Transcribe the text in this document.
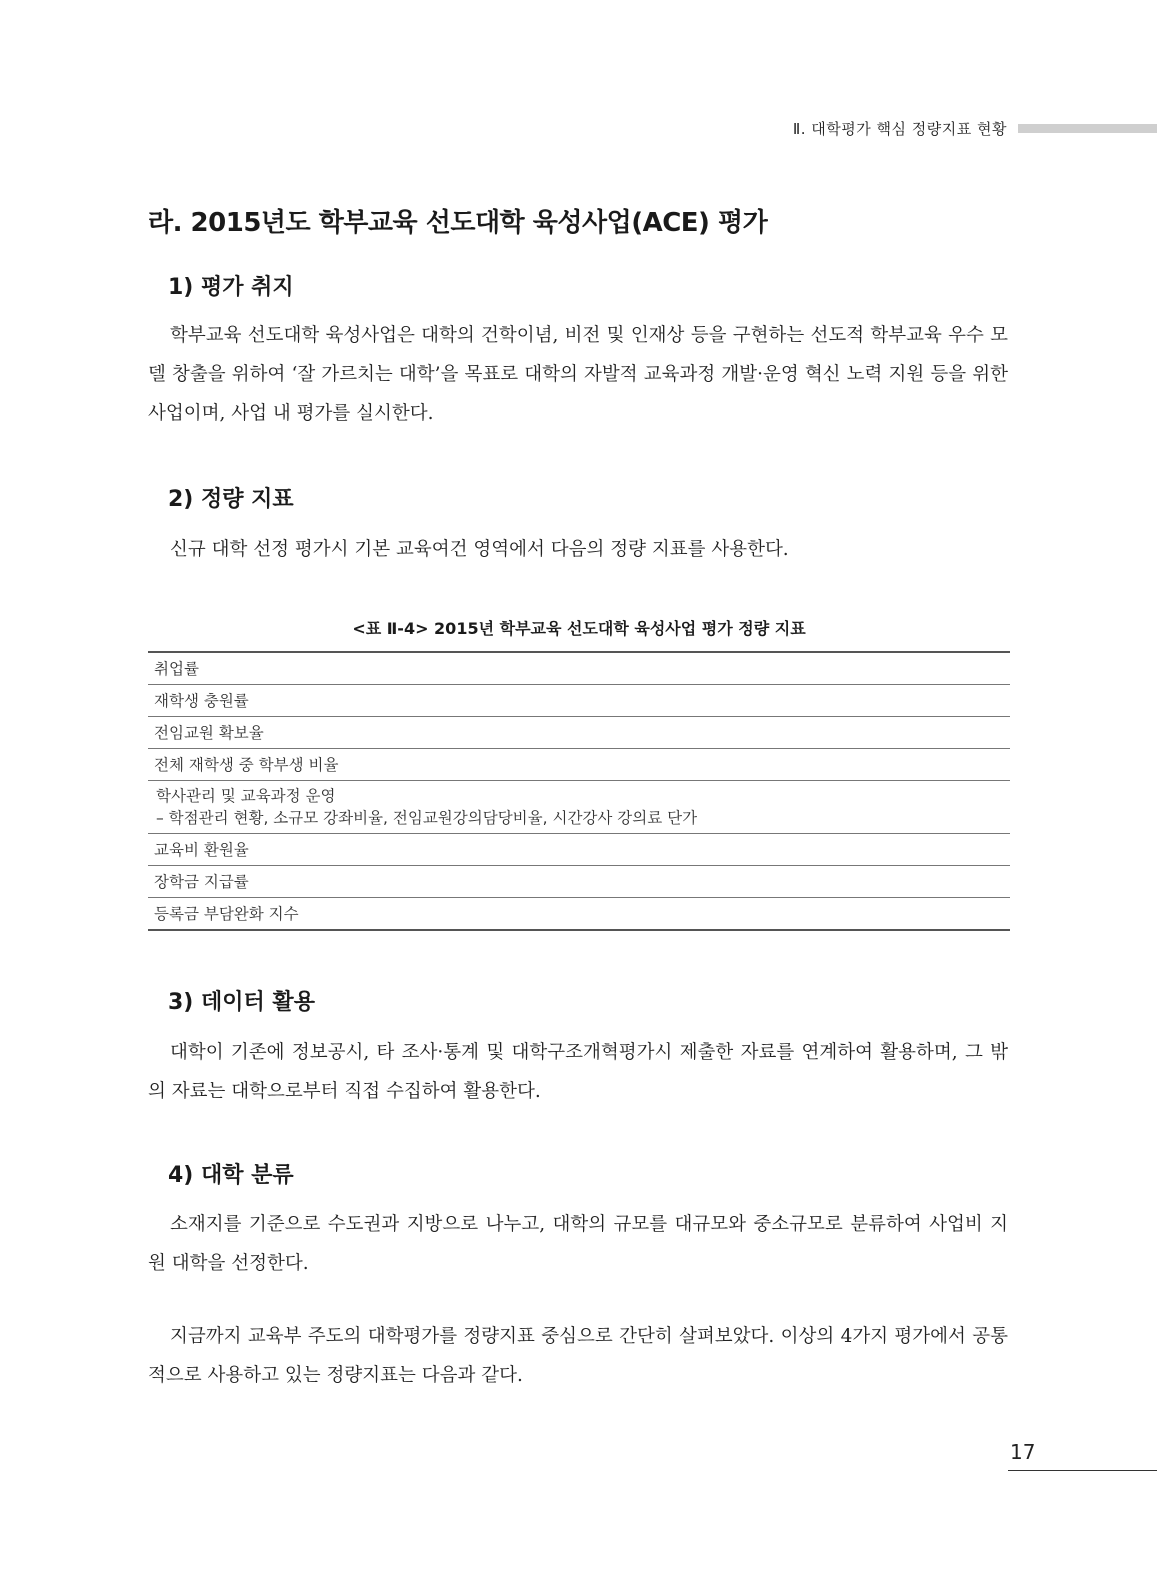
Ⅱ. 대학평가 핵심 정량지표 현황
라. 2015년도 학부교육 선도대학 육성사업(ACE) 평가
1) 평가 취지

학부교육 선도대학 육성사업은 대학의 건학이념, 비전 및 인재상 등을 구현하는 선도적 학부교육 우수 모델 창출을 위하여 ‘잘 가르치는 대학’을 목표로 대학의 자발적 교육과정 개발·운영 혁신 노력 지원 등을 위한 사업이며, 사업 내 평가를 실시한다.

2) 정량 지표

신규 대학 선정 평가시 기본 교육여건 영역에서 다음의 정량 지표를 사용한다.

<표 Ⅱ-4> 2015년 학부교육 선도대학 육성사업 평가 정량 지표
취업률
재학생 충원률
전임교원 확보율
전체 재학생 중 학부생 비율

학사관리 및 교육과정 운영
– 학점관리 현황, 소규모 강좌비율, 전임교원강의담당비율, 시간강사 강의료 단가

교육비 환원율
장학금 지급률
등록금 부담완화 지수
3) 데이터 활용

대학이 기존에 정보공시, 타 조사·통계 및 대학구조개혁평가시 제출한 자료를 연계하여 활용하며, 그 밖의 자료는 대학으로부터 직접 수집하여 활용한다.

4) 대학 분류

소재지를 기준으로 수도권과 지방으로 나누고, 대학의 규모를 대규모와 중소규모로 분류하여 사업비 지원 대학을 선정한다.

지금까지 교육부 주도의 대학평가를 정량지표 중심으로 간단히 살펴보았다. 이상의 4가지 평가에서 공통적으로 사용하고 있는 정량지표는 다음과 같다.

17
